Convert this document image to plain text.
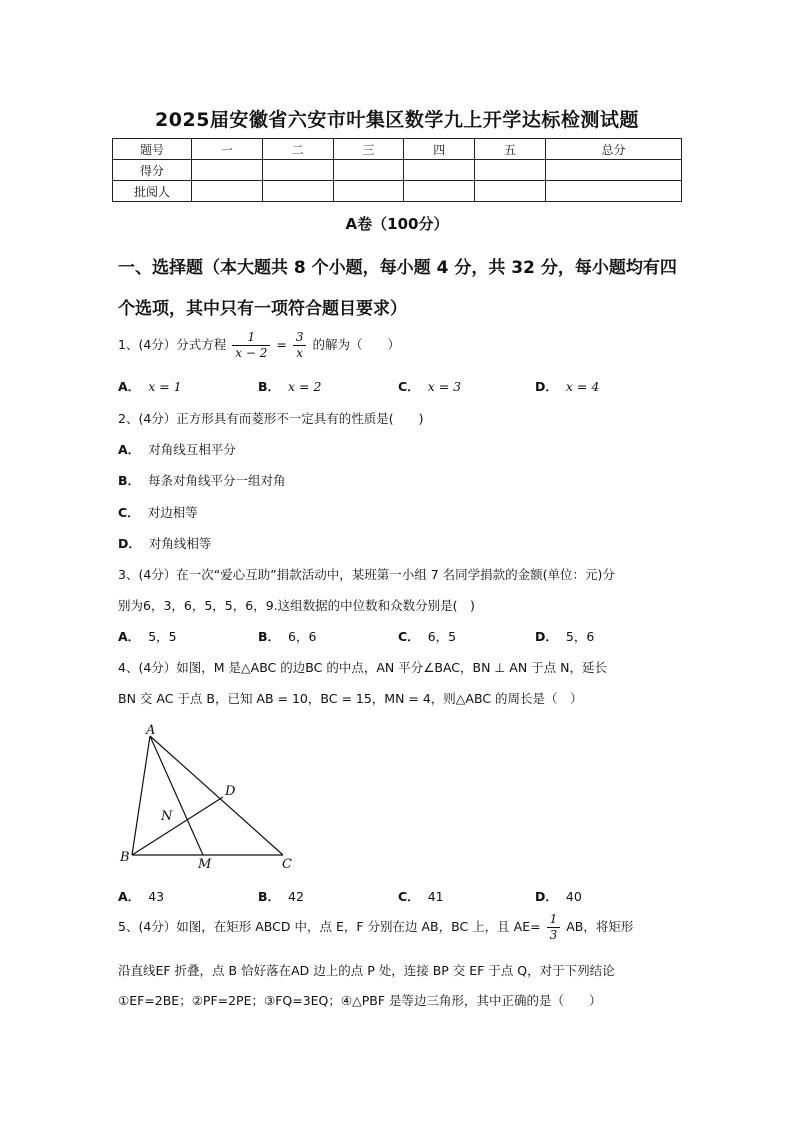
2025届安徽省六安市叶集区数学九上开学达标检测试题
题号	一	二	三	四	五	总分
得分						
批阅人						
A卷（100分）
一、选择题（本大题共 8 个小题，每小题 4 分，共 32 分，每小题均有四个选项，其中只有一项符合题目要求）
1、(4分）分式方程 $\frac{1}{x - 2} = \frac{3}{x}$ 的解为（　　）
A． x = 1	B． x = 2	C． x = 3	D． x = 4
2、(4分）正方形具有而菱形不一定具有的性质是(　　)
A． 对角线互相平分
B． 每条对角线平分一组对角
C． 对边相等
D． 对角线相等
3、(4分）在一次“爱心互助”捐款活动中，某班第一小组 7 名同学捐款的金额(单位：元)分
别为6，3，6，5，5，6，9.这组数据的中位数和众数分别是(　)
A． 5，5	B． 6，6	C． 6，5	D． 5，6
4、(4分）如图，M 是△ABC 的边BC 的中点，AN 平分∠BAC，BN ⊥ AN 于点 N，延长
BN 交 AC 于点 B，已知 AB = 10，BC = 15，MN = 4，则△ABC 的周长是（　）
A
B	C
D
N
M
A． 43	B． 42	C． 41	D． 40
5、(4分）如图，在矩形 ABCD 中，点 E，F 分别在边 AB，BC 上，且 $AE= \frac{1}{3}$ AB，将矩形
沿直线EF 折叠，点 B 恰好落在AD 边上的点 P 处，连接 BP 交 EF 于点 Q，对于下列结论
①EF=2BE；②PF=2PE；③FQ=3EQ；④△PBF 是等边三角形，其中正确的是（　　）
